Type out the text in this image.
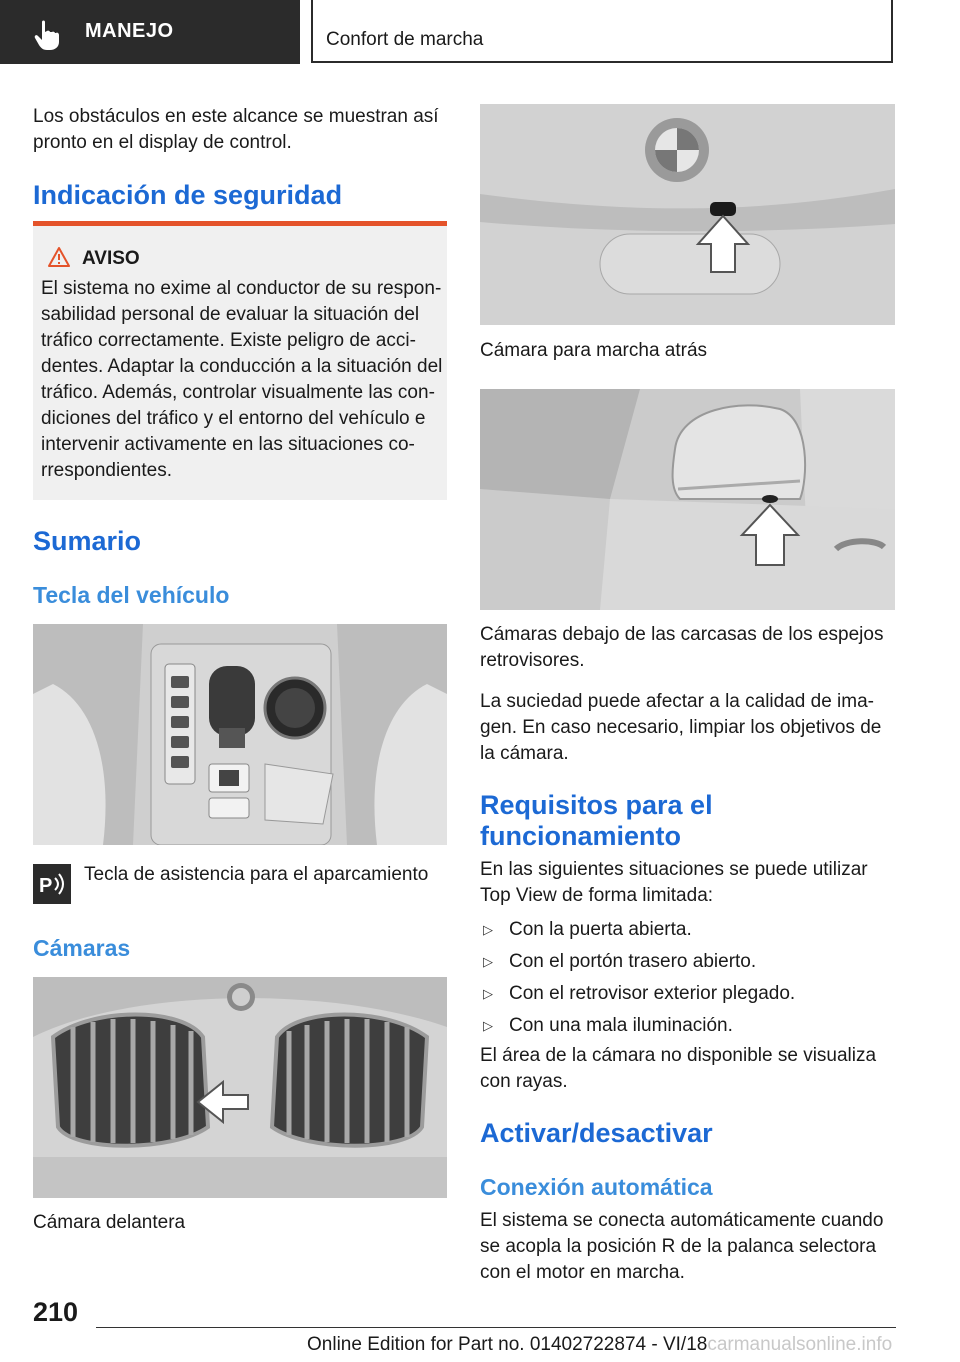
MANEJO	Confort de marcha
Los obstáculos en este alcance se muestran así pronto en el display de control.
Indicación de seguridad
AVISO
El sistema no exime al conductor de su responsabilidad personal de evaluar la situación del tráfico correctamente. Existe peligro de accidentes. Adaptar la conducción a la situación del tráfico. Además, controlar visualmente las condiciones del tráfico y el entorno del vehículo e intervenir activamente en las situaciones correspondientes.
Sumario
Tecla del vehículo
P
Tecla de asistencia para el aparcamiento
Cámaras
Cámara delantera
Cámara para marcha atrás
Cámaras debajo de las carcasas de los espejos retrovisores.
La suciedad puede afectar a la calidad de imagen. En caso necesario, limpiar los objetivos de la cámara.
Requisitos para el funcionamiento
En las siguientes situaciones se puede utilizar Top View de forma limitada:
▷ Con la puerta abierta.
▷ Con el portón trasero abierto.
▷ Con el retrovisor exterior plegado.
▷ Con una mala iluminación.
El área de la cámara no disponible se visualiza con rayas.
Activar/desactivar
Conexión automática
El sistema se conecta automáticamente cuando se acopla la posición R de la palanca selectora con el motor en marcha.
210
Online Edition for Part no. 01402722874 - VI/18carmanualsonline.info
